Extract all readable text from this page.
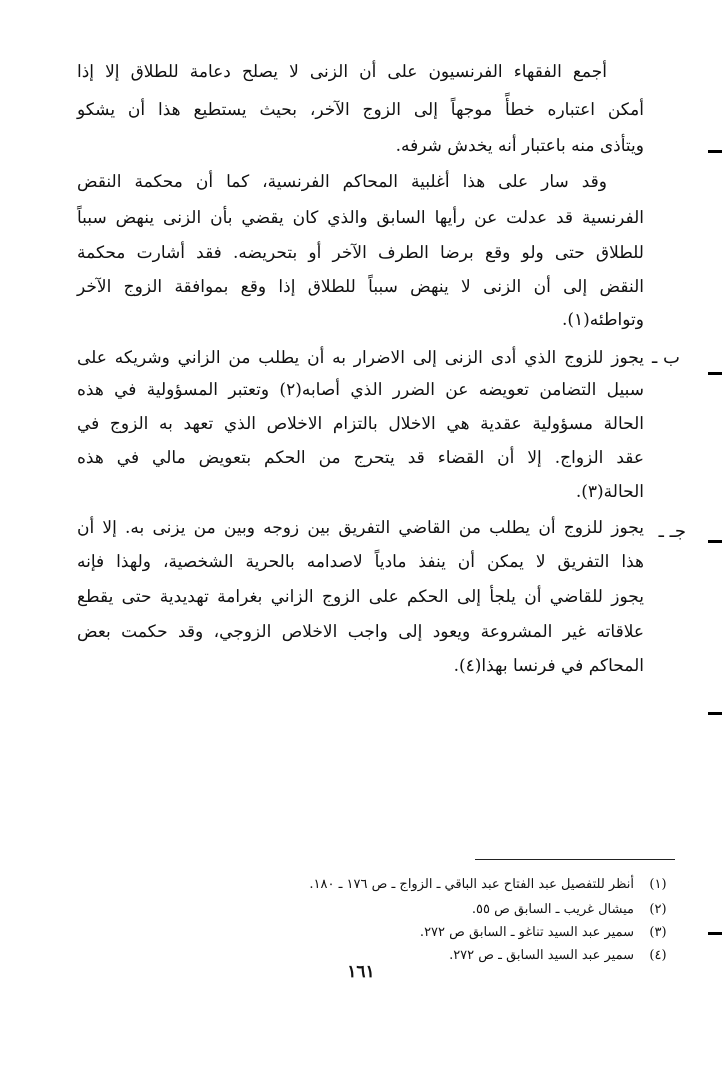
أجمع الفقهاء الفرنسيون على أن الزنى لا يصلح دعامة للطلاق إلا إذا
أمكن اعتباره خطأً موجهاً إلى الزوج الآخر، بحيث يستطيع هذا أن يشكو
ويتأذى منه باعتبار أنه يخدش شرفه.
وقد سار على هذا أغلبية المحاكم الفرنسية، كما أن محكمة النقض
الفرنسية قد عدلت عن رأيها السابق والذي كان يقضي بأن الزنى ينهض سبباً
للطلاق حتى ولو وقع برضا الطرف الآخر أو بتحريضه. فقد أشارت محكمة
النقض إلى أن الزنى لا ينهض سبباً للطلاق إذا وقع بموافقة الزوج الآخر
وتواطئه(١).
ب ـ
يجوز للزوج الذي أدى الزنى إلى الاضرار به أن يطلب من الزاني وشريكه على
سبيل التضامن تعويضه عن الضرر الذي أصابه(٢) وتعتبر المسؤولية في هذه
الحالة مسؤولية عقدية هي الاخلال بالتزام الاخلاص الذي تعهد به الزوج في
عقد الزواج. إلا أن القضاء قد يتحرج من الحكم بتعويض مالي في هذه
الحالة(٣).
جـ ـ
يجوز للزوج أن يطلب من القاضي التفريق بين زوجه وبين من يزنى به. إلا أن
هذا التفريق لا يمكن أن ينفذ مادياً لاصدامه بالحرية الشخصية، ولهذا فإنه
يجوز للقاضي أن يلجأ إلى الحكم على الزوج الزاني بغرامة تهديدية حتى يقطع
علاقاته غير المشروعة ويعود إلى واجب الاخلاص الزوجي، وقد حكمت بعض
المحاكم في فرنسا بهذا(٤).
(١)
أنظر للتفصيل عبد الفتاح عبد الباقي ـ الزواج ـ ص ١٧٦ ـ ١٨٠.
(٢)
ميشال غريب ـ السابق ص ٥٥.
(٣)
سمير عبد السيد تناغو ـ السابق ص ٢٧٢.
(٤)
سمير عبد السيد السابق ـ ص ٢٧٢.
١٦١
